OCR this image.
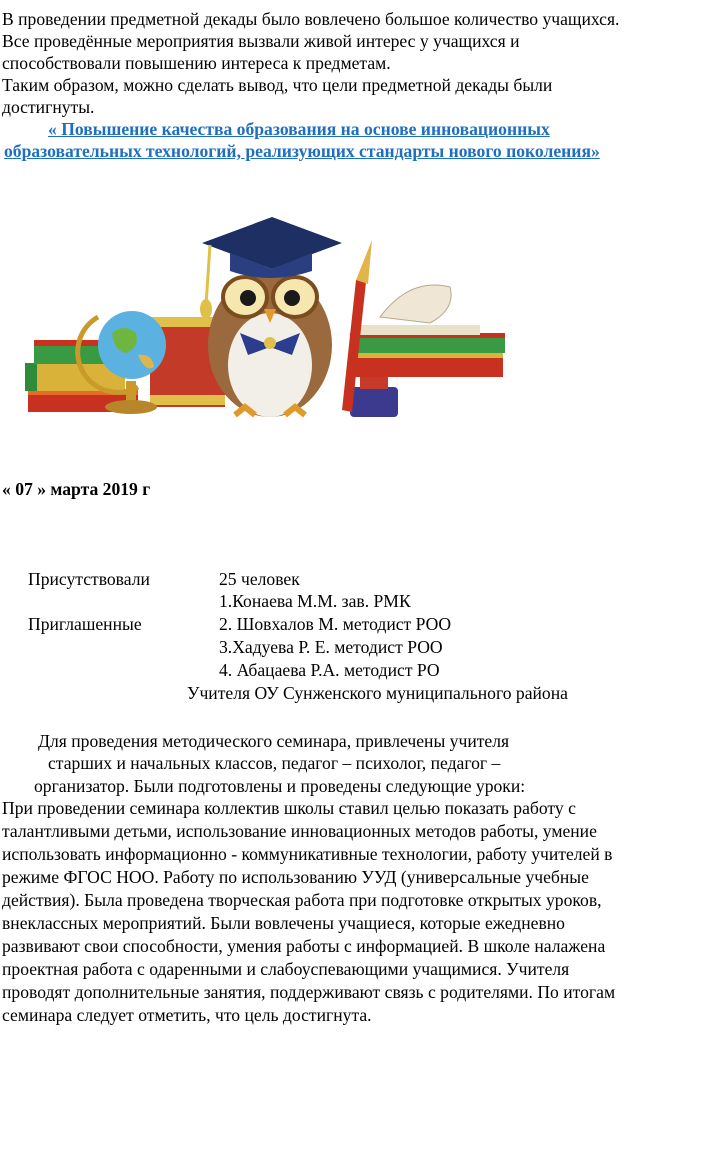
В проведении предметной декады было вовлечено большое количество учащихся.
Все проведённые мероприятия вызвали живой интерес у учащихся и
способствовали повышению интереса к предметам.
Таким образом, можно сделать вывод, что цели предметной декады были
достигнуты.
« Повышение качества образования на основе инновационных
образовательных технологий, реализующих стандарты нового поколения»
« 07 » марта 2019 г
Присутствовали	25 человек
1.Конаева М.М. зав. РМК
Приглашенные	2. Шовхалов М. методист РОО
3.Хадуева Р. Е. методист РОО
4. Абацаева Р.А. методист РО
Учителя ОУ Сунженского муниципального района
Для проведения методического семинара, привлечены учителя
старших и начальных классов, педагог – психолог, педагог –
организатор. Были подготовлены и проведены следующие уроки:
При проведении семинара коллектив школы ставил целью показать работу с
талантливыми детьми, использование инновационных методов работы, умение
использовать информационно - коммуникативные технологии, работу учителей в
режиме ФГОС НОО. Работу по использованию УУД (универсальные учебные
действия). Была проведена творческая работа при подготовке открытых уроков,
внеклассных мероприятий. Были вовлечены учащиеся, которые ежедневно
развивают свои способности, умения работы с информацией. В школе налажена
проектная работа с одаренными и слабоуспевающими учащимися. Учителя
проводят дополнительные занятия, поддерживают связь с родителями. По итогам
семинара следует отметить, что цель достигнута.
